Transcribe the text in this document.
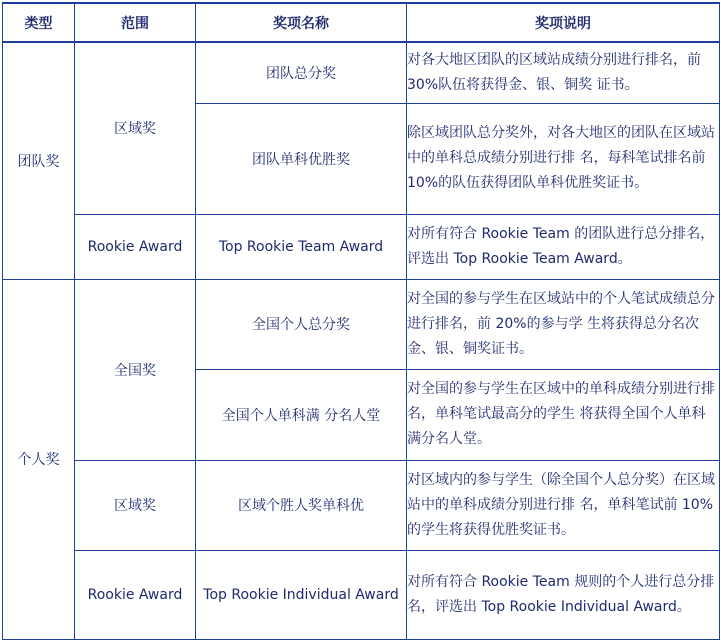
类型	范围	奖项名称	奖项说明
团队奖	区域奖	团队总分奖	对各大地区团队的区域站成绩分别进行排名，前 30%队伍将获得金、银、铜奖 证书。
		团队单科优胜奖	除区域团队总分奖外，对各大地区的团队在区域站中的单科总成绩分别进行排 名，每科笔试排名前 10%的队伍获得团队单科优胜奖证书。
	Rookie Award	Top Rookie Team Award	对所有符合 Rookie Team 的团队进行总分排名，评选出 Top Rookie Team Award。
个人奖	全国奖	全国个人总分奖	对全国的参与学生在区域站中的个人笔试成绩总分进行排名，前 20%的参与学 生将获得总分名次金、银、铜奖证书。
		全国个人单科满 分名人堂	对全国的参与学生在区域中的单科成绩分别进行排名，单科笔试最高分的学生 将获得全国个人单科满分名人堂。
	区域奖	区域个胜人奖单科优	对区域内的参与学生（除全国个人总分奖）在区域站中的单科成绩分别进行排 名，单科笔试前 10%的学生将获得优胜奖证书。
	Rookie Award	Top Rookie Individual Award	对所有符合 Rookie Team 规则的个人进行总分排名，评选出 Top Rookie Individual Award。
